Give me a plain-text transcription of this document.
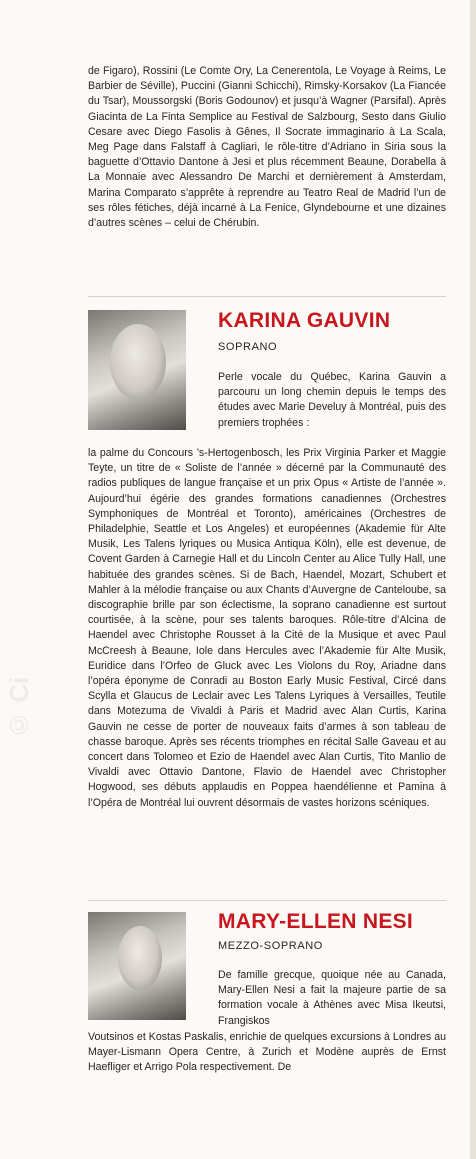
© Ci

de Figaro), Rossini (Le Comte Ory, La Cenerentola, Le Voyage à Reims, Le Barbier de Séville), Puccini (Gianni Schicchi), Rimsky-Korsakov (La Fiancée du Tsar), Moussorgski (Boris Godounov) et jusqu’à Wagner (Parsifal). Après Giacinta de La Finta Semplice au Festival de Salzbourg, Sesto dans Giulio Cesare avec Diego Fasolis à Gênes, Il Socrate immaginario à La Scala, Meg Page dans Falstaff à Cagliari, le rôle-titre d’Adriano in Siria sous la baguette d’Ottavio Dantone à Jesi et plus récemment Beaune, Dorabella à La Monnaie avec Alessandro De Marchi et dernièrement à Amsterdam, Marina Comparato s’apprête à reprendre au Teatro Real de Madrid l’un de ses rôles fétiches, déjà incarné à La Fenice, Glyndebourne et une dizaines d’autres scènes – celui de Chérubin.

KARINA GAUVIN

SOPRANO

Perle vocale du Québec, Karina Gauvin a parcouru un long chemin depuis le temps des études avec Marie Develuy à Montréal, puis des premiers trophées :

la palme du Concours ’s-Hertogenbosch, les Prix Virginia Parker et Maggie Teyte, un titre de « Soliste de l’année » décerné par la Communauté des radios publiques de langue française et un prix Opus « Artiste de l’année ». Aujourd’hui égérie des grandes formations canadiennes (Orchestres Symphoniques de Montréal et Toronto), américaines (Orchestres de Philadelphie, Seattle et Los Angeles) et européennes (Akademie für Alte Musik, Les Talens lyriques ou Musica Antiqua Köln), elle est devenue, de Covent Garden à Carnegie Hall et du Lincoln Center au Alice Tully Hall, une habituée des grandes scènes. Si de Bach, Haendel, Mozart, Schubert et Mahler à la mélodie française ou aux Chants d’Auvergne de Canteloube, sa discographie brille par son éclectisme, la soprano canadienne est surtout courtisée, à la scène, pour ses talents baroques. Rôle-titre d’Alcina de Haendel avec Christophe Rousset à la Cité de la Musique et avec Paul McCreesh à Beaune, Iole dans Hercules avec l’Akademie für Alte Musik, Euridice dans l’Orfeo de Gluck avec Les Violons du Roy, Ariadne dans l’opéra éponyme de Conradi au Boston Early Music Festival, Circé dans Scylla et Glaucus de Leclair avec Les Talens Lyriques à Versailles, Teutile dans Motezuma de Vivaldi à Paris et Madrid avec Alan Curtis, Karina Gauvin ne cesse de porter de nouveaux faits d’armes à son tableau de chasse baroque. Après ses récents triomphes en récital Salle Gaveau et au concert dans Tolomeo et Ezio de Haendel avec Alan Curtis, Tito Manlio de Vivaldi avec Ottavio Dantone, Flavio de Haendel avec Christopher Hogwood, ses débuts applaudis en Poppea haendélienne et Pamina à l’Opéra de Montréal lui ouvrent désormais de vastes horizons scéniques.

MARY-ELLEN NESI

MEZZO-SOPRANO

De famille grecque, quoique née au Canada, Mary-Ellen Nesi a fait la majeure partie de sa formation vocale à Athènes avec Misa Ikeutsi, Frangiskos

Voutsinos et Kostas Paskalis, enrichie de quelques excursions à Londres au Mayer-Lismann Opera Centre, à Zurich et Modène auprès de Ernst Haefliger et Arrigo Pola respectivement. De
